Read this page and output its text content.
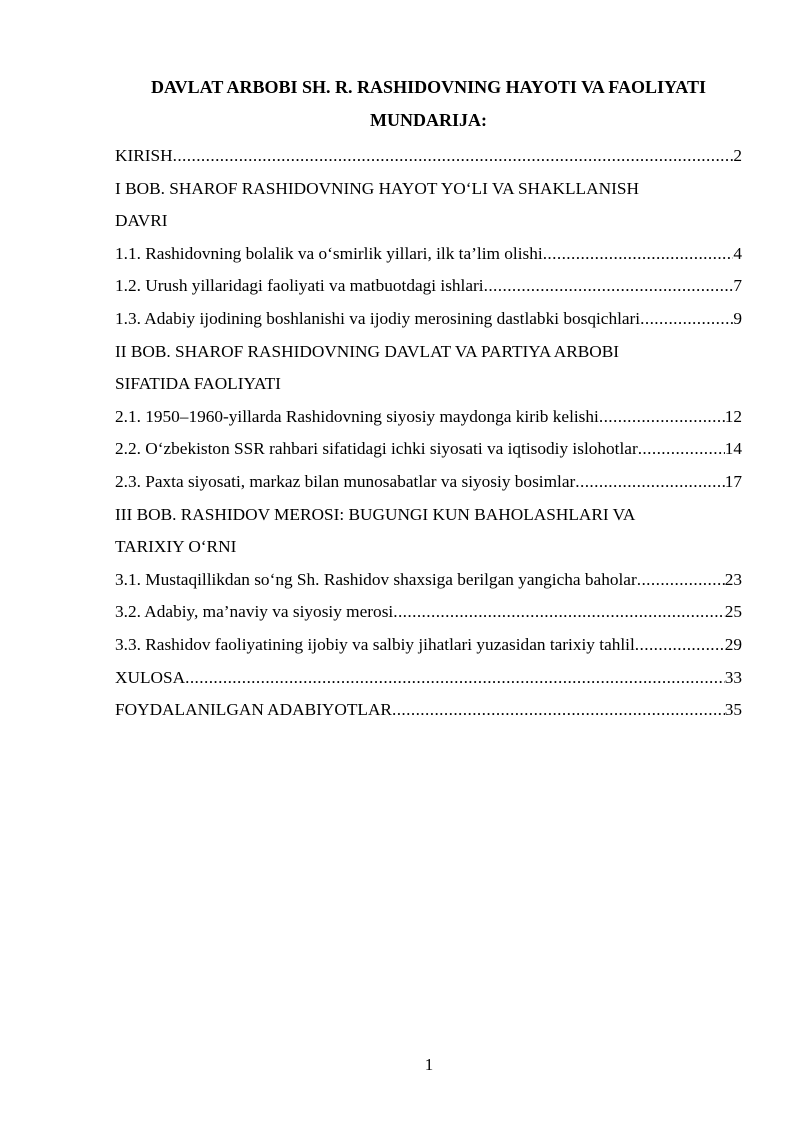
DAVLAT ARBOBI SH. R. RASHIDOVNING HAYOTI VA FAOLIYATI
MUNDARIJA:
KIRISH .....	2
I BOB. SHAROF RASHIDOVNING HAYOT YO‘LI VA SHAKLLANISH
DAVRI
1.1. Rashidovning bolalik va o‘smirlik yillari, ilk ta’lim olishi .....	4
1.2. Urush yillaridagi faoliyati va matbuotdagi ishlari .....	7
1.3. Adabiy ijodining boshlanishi va ijodiy merosining dastlabki bosqichlari .....	9
II BOB. SHAROF RASHIDOVNING DAVLAT VA PARTIYA ARBOBI
SIFATIDA FAOLIYATI
2.1. 1950–1960-yillarda Rashidovning siyosiy maydonga kirib kelishi .....	12
2.2. O‘zbekiston SSR rahbari sifatidagi ichki siyosati va iqtisodiy islohotlar .....	14
2.3. Paxta siyosati, markaz bilan munosabatlar va siyosiy bosimlar .....	17
III BOB. RASHIDOV MEROSI: BUGUNGI KUN BAHOLASHLARI VA
TARIXIY O‘RNI
3.1. Mustaqillikdan so‘ng Sh. Rashidov shaxsiga berilgan yangicha baholar .....	23
3.2. Adabiy, ma’naviy va siyosiy merosi .....	25
3.3. Rashidov faoliyatining ijobiy va salbiy jihatlari yuzasidan tarixiy tahlil .....	29
XULOSA .....	33
FOYDALANILGAN ADABIYOTLAR .....	35
1
